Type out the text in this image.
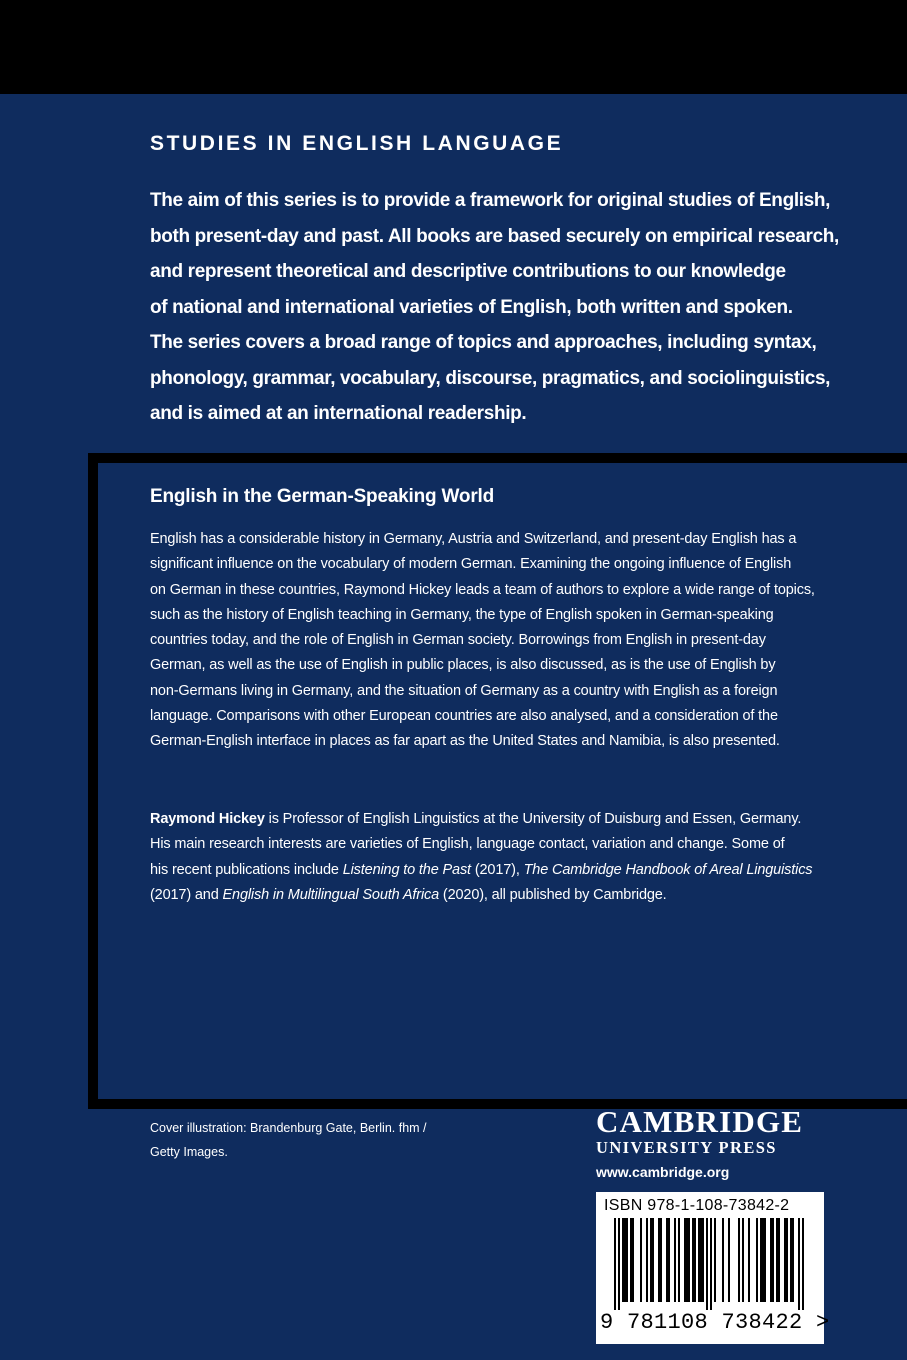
STUDIES IN ENGLISH LANGUAGE
The aim of this series is to provide a framework for original studies of English,
both present-day and past. All books are based securely on empirical research,
and represent theoretical and descriptive contributions to our knowledge
of national and international varieties of English, both written and spoken.
The series covers a broad range of topics and approaches, including syntax,
phonology, grammar, vocabulary, discourse, pragmatics, and sociolinguistics,
and is aimed at an international readership.
English in the German-Speaking World
English has a considerable history in Germany, Austria and Switzerland, and present-day English has a
significant influence on the vocabulary of modern German. Examining the ongoing influence of English
on German in these countries, Raymond Hickey leads a team of authors to explore a wide range of topics,
such as the history of English teaching in Germany, the type of English spoken in German-speaking
countries today, and the role of English in German society. Borrowings from English in present-day
German, as well as the use of English in public places, is also discussed, as is the use of English by
non-Germans living in Germany, and the situation of Germany as a country with English as a foreign
language. Comparisons with other European countries are also analysed, and a consideration of the
German-English interface in places as far apart as the United States and Namibia, is also presented.
Raymond Hickey is Professor of English Linguistics at the University of Duisburg and Essen, Germany.
His main research interests are varieties of English, language contact, variation and change. Some of
his recent publications include Listening to the Past (2017), The Cambridge Handbook of Areal Linguistics
(2017) and English in Multilingual South Africa (2020), all published by Cambridge.
Cover illustration: Brandenburg Gate, Berlin. fhm /
Getty Images.
CAMBRIDGE
UNIVERSITY PRESS
www.cambridge.org
ISBN 978-1-108-73842-2
9 781108 738422 >
